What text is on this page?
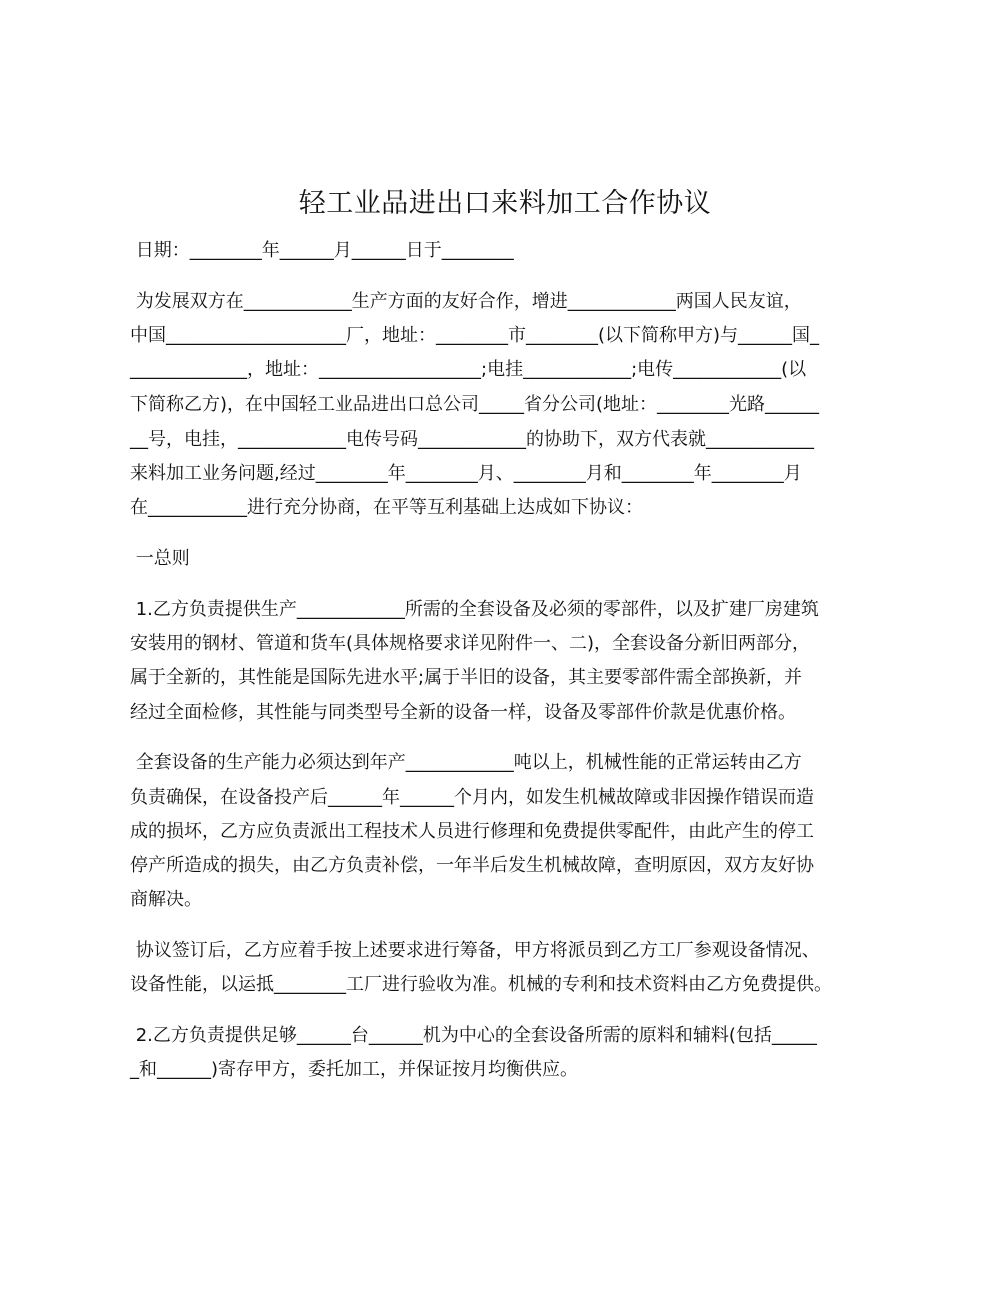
轻工业品进出口来料加工合作协议
日期：________年______月______日于________
为发展双方在____________生产方面的友好合作，增进____________两国人民友谊，
中国____________________厂，地址：________市________(以下简称甲方)与______国_
_____________，地址：__________________;电挂____________;电传____________(以
下简称乙方)，在中国轻工业品进出口总公司_____省分公司(地址：________光路______
__号，电挂，____________电传号码____________的协助下，双方代表就____________
来料加工业务问题,经过________年________月、________月和________年________月
在___________进行充分协商，在平等互利基础上达成如下协议：
一总则
1.乙方负责提供生产____________所需的全套设备及必须的零部件，以及扩建厂房建筑
安装用的钢材、管道和货车(具体规格要求详见附件一、二)，全套设备分新旧两部分，
属于全新的，其性能是国际先进水平;属于半旧的设备，其主要零部件需全部换新，并
经过全面检修，其性能与同类型号全新的设备一样，设备及零部件价款是优惠价格。
全套设备的生产能力必须达到年产____________吨以上，机械性能的正常运转由乙方
负责确保，在设备投产后______年______个月内，如发生机械故障或非因操作错误而造
成的损坏，乙方应负责派出工程技术人员进行修理和免费提供零配件，由此产生的停工
停产所造成的损失，由乙方负责补偿，一年半后发生机械故障，查明原因，双方友好协
商解决。
协议签订后，乙方应着手按上述要求进行筹备，甲方将派员到乙方工厂参观设备情况、
设备性能，以运抵________工厂进行验收为准。机械的专利和技术资料由乙方免费提供。
2.乙方负责提供足够______台______机为中心的全套设备所需的原料和辅料(包括_____
_和______)寄存甲方，委托加工，并保证按月均衡供应。
